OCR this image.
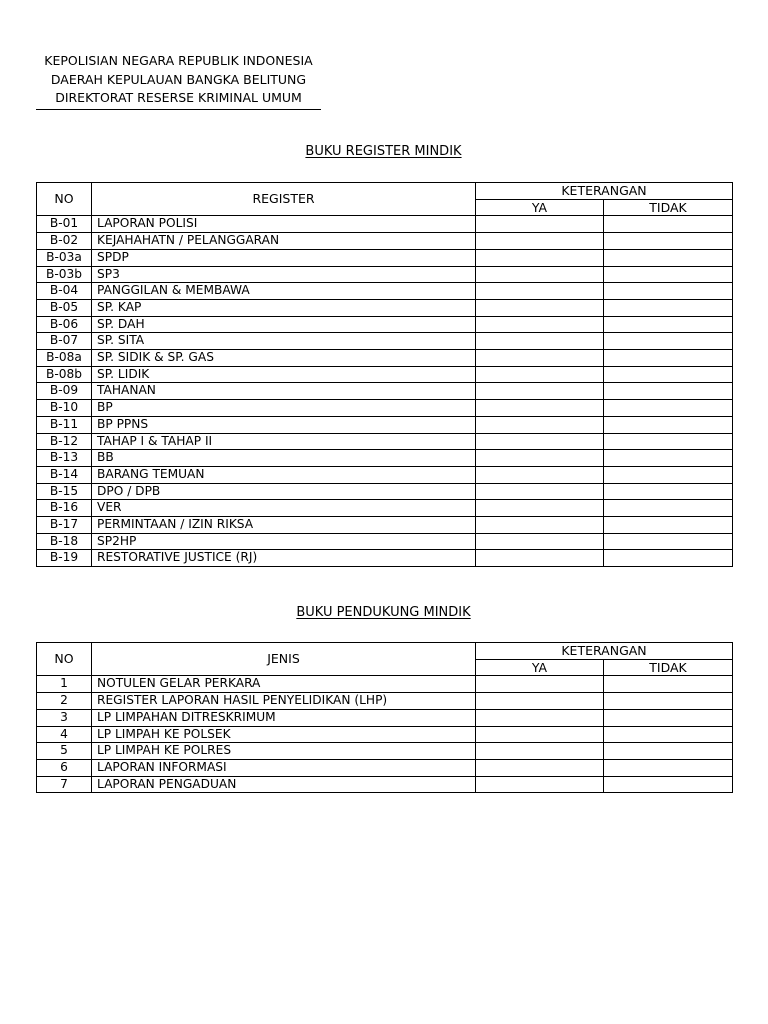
KEPOLISIAN NEGARA REPUBLIK INDONESIA
DAERAH KEPULAUAN BANGKA BELITUNG
DIREKTORAT RESERSE KRIMINAL UMUM
BUKU REGISTER MINDIK
NO	REGISTER	KETERANGAN	
		YA	TIDAK
B-01	LAPORAN POLISI		
B-02	KEJAHAHATN / PELANGGARAN		
B-03a	SPDP		
B-03b	SP3		
B-04	PANGGILAN & MEMBAWA		
B-05	SP. KAP		
B-06	SP. DAH		
B-07	SP. SITA		
B-08a	SP. SIDIK & SP. GAS		
B-08b	SP. LIDIK		
B-09	TAHANAN		
B-10	BP		
B-11	BP PPNS		
B-12	TAHAP I & TAHAP II		
B-13	BB		
B-14	BARANG TEMUAN		
B-15	DPO / DPB		
B-16	VER		
B-17	PERMINTAAN / IZIN RIKSA		
B-18	SP2HP		
B-19	RESTORATIVE JUSTICE (RJ)		
BUKU PENDUKUNG MINDIK
NO	JENIS	KETERANGAN	
		YA	TIDAK
1	NOTULEN GELAR PERKARA		
2	REGISTER LAPORAN HASIL PENYELIDIKAN (LHP)		
3	LP LIMPAHAN DITRESKRIMUM		
4	LP LIMPAH KE POLSEK		
5	LP LIMPAH KE POLRES		
6	LAPORAN INFORMASI		
7	LAPORAN PENGADUAN		
